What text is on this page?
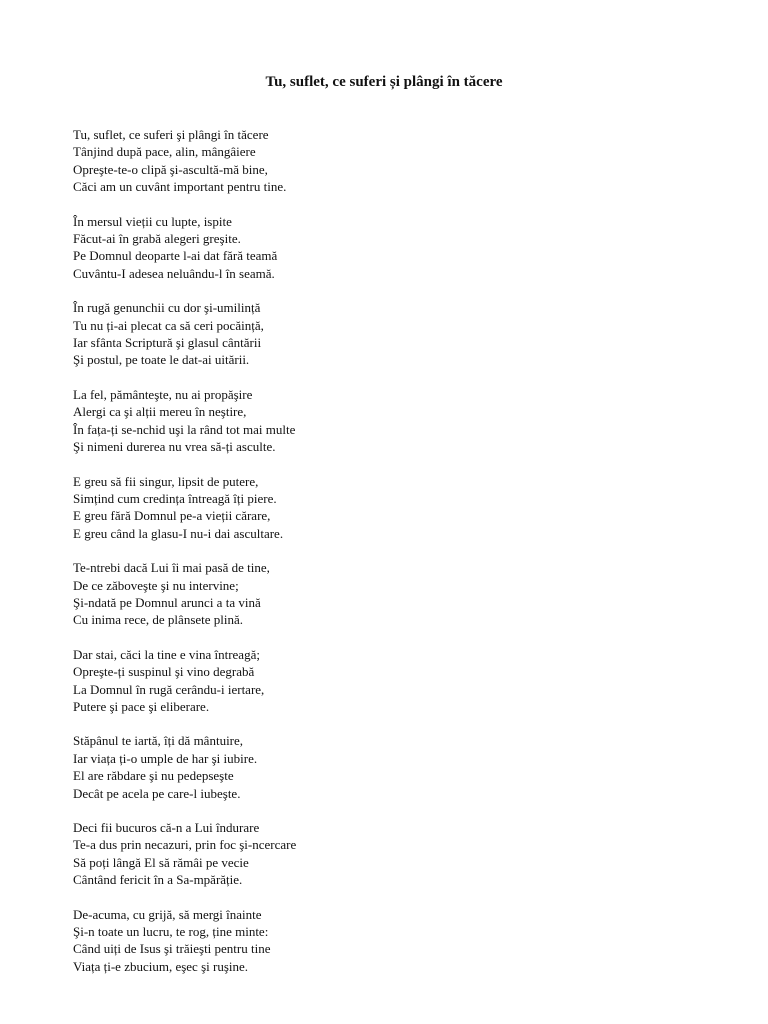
Tu, suflet, ce suferi și plângi în tăcere
Tu, suflet, ce suferi şi plângi în tăcere
Tânjind după pace, alin, mângâiere
Opreşte-te-o clipă şi-ascultă-mă bine,
Căci am un cuvânt important pentru tine.
În mersul vieții cu lupte, ispite
Făcut-ai în grabă alegeri greşite.
Pe Domnul deoparte l-ai dat fără teamă
Cuvântu-I adesea neluându-l în seamă.
În rugă genunchii cu dor şi-umilință
Tu nu ți-ai plecat ca să ceri pocăință,
Iar sfânta Scriptură şi glasul cântării
Şi postul, pe toate le dat-ai uitării.
La fel, pământeşte, nu ai propăşire
Alergi ca şi alții mereu în neştire,
În fața-ți se-nchid uşi la rând tot mai multe
Şi nimeni durerea nu vrea să-ți asculte.
E greu să fii singur, lipsit de putere,
Simțind cum credința întreagă îți piere.
E greu fără Domnul pe-a vieții cărare,
E greu când la glasu-I nu-i dai ascultare.
Te-ntrebi dacă Lui îi mai pasă de tine,
De ce zăboveşte şi nu intervine;
Şi-ndată pe Domnul arunci a ta vină
Cu inima rece, de plânsete plină.
Dar stai, căci la tine e vina întreagă;
Opreşte-ți suspinul şi vino degrabă
La Domnul în rugă cerându-i iertare,
Putere şi pace şi eliberare.
Stăpânul te iartă, îți dă mântuire,
Iar viața ți-o umple de har şi iubire.
El are răbdare şi nu pedepseşte
Decât pe acela pe care-l iubeşte.
Deci fii bucuros că-n a Lui îndurare
Te-a dus prin necazuri, prin foc şi-ncercare
Să poți lângă El să rămâi pe vecie
Cântând fericit în a Sa-mpărăție.
De-acuma, cu grijă, să mergi înainte
Şi-n toate un lucru, te rog, ține minte:
Când uiți de Isus şi trăieşti pentru tine
Viața ți-e zbucium, eşec şi ruşine.
